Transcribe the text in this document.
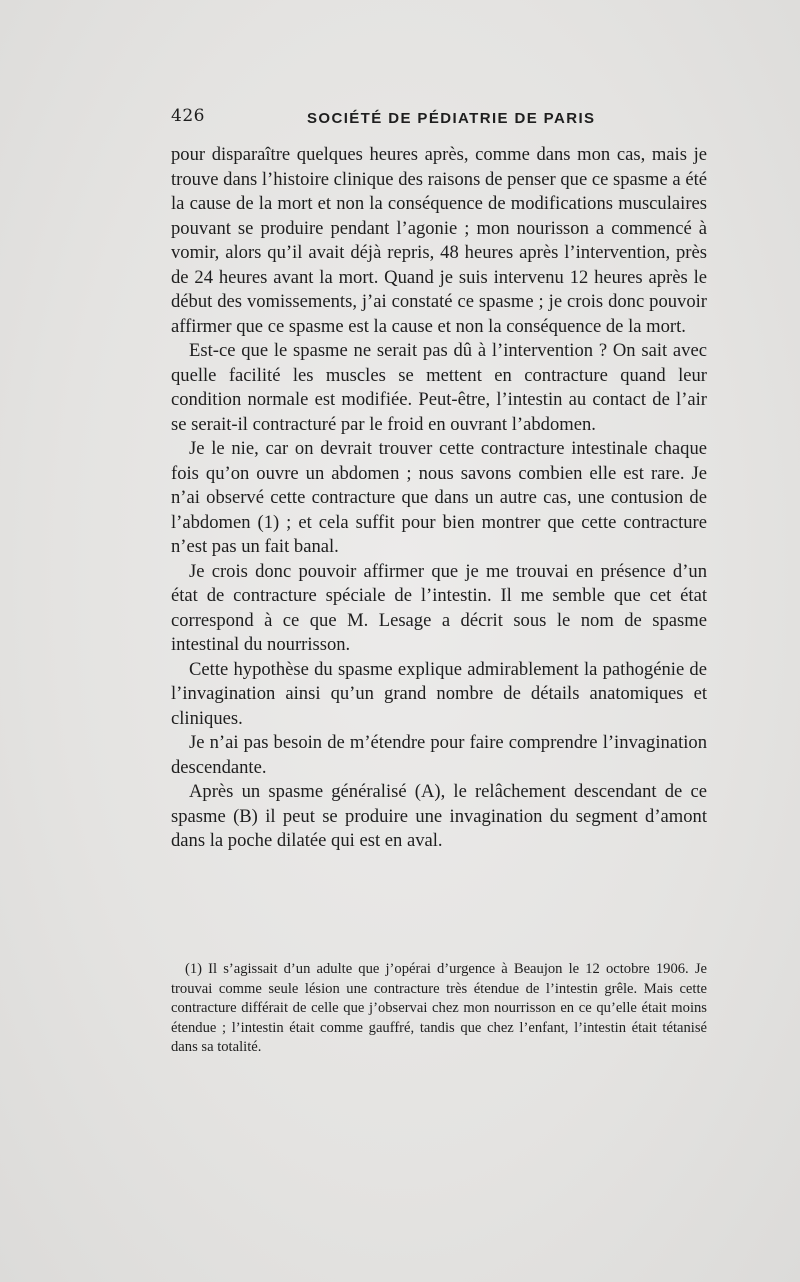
426	SOCIÉTÉ DE PÉDIATRIE DE PARIS

pour disparaître quelques heures après, comme dans mon cas, mais je trouve dans l’histoire clinique des raisons de penser que ce spasme a été la cause de la mort et non la conséquence de modifications musculaires pouvant se produire pendant l’agonie ; mon nourisson a commencé à vomir, alors qu’il avait déjà repris, 48 heures après l’intervention, près de 24 heures avant la mort. Quand je suis intervenu 12 heures après le début des vomissements, j’ai constaté ce spasme ; je crois donc pouvoir affirmer que ce spasme est la cause et non la conséquence de la mort.

Est-ce que le spasme ne serait pas dû à l’intervention ? On sait avec quelle facilité les muscles se mettent en contracture quand leur condition normale est modifiée. Peut-être, l’intestin au contact de l’air se serait-il contracturé par le froid en ouvrant l’abdomen.

Je le nie, car on devrait trouver cette contracture intestinale chaque fois qu’on ouvre un abdomen ; nous savons combien elle est rare. Je n’ai observé cette contracture que dans un autre cas, une contusion de l’abdomen (1) ; et cela suffit pour bien montrer que cette contracture n’est pas un fait banal.

Je crois donc pouvoir affirmer que je me trouvai en présence d’un état de contracture spéciale de l’intestin. Il me semble que cet état correspond à ce que M. Lesage a décrit sous le nom de spasme intestinal du nourrisson.

Cette hypothèse du spasme explique admirablement la pathogénie de l’invagination ainsi qu’un grand nombre de détails anatomiques et cliniques.

Je n’ai pas besoin de m’étendre pour faire comprendre l’invagination descendante.

Après un spasme généralisé (A), le relâchement descendant de ce spasme (B) il peut se produire une invagination du segment d’amont dans la poche dilatée qui est en aval.

(1) Il s’agissait d’un adulte que j’opérai d’urgence à Beaujon le 12 octobre 1906. Je trouvai comme seule lésion une contracture très étendue de l’intestin grêle. Mais cette contracture différait de celle que j’observai chez mon nourrisson en ce qu’elle était moins étendue ; l’intestin était comme gauffré, tandis que chez l’enfant, l’intestin était tétanisé dans sa totalité.
